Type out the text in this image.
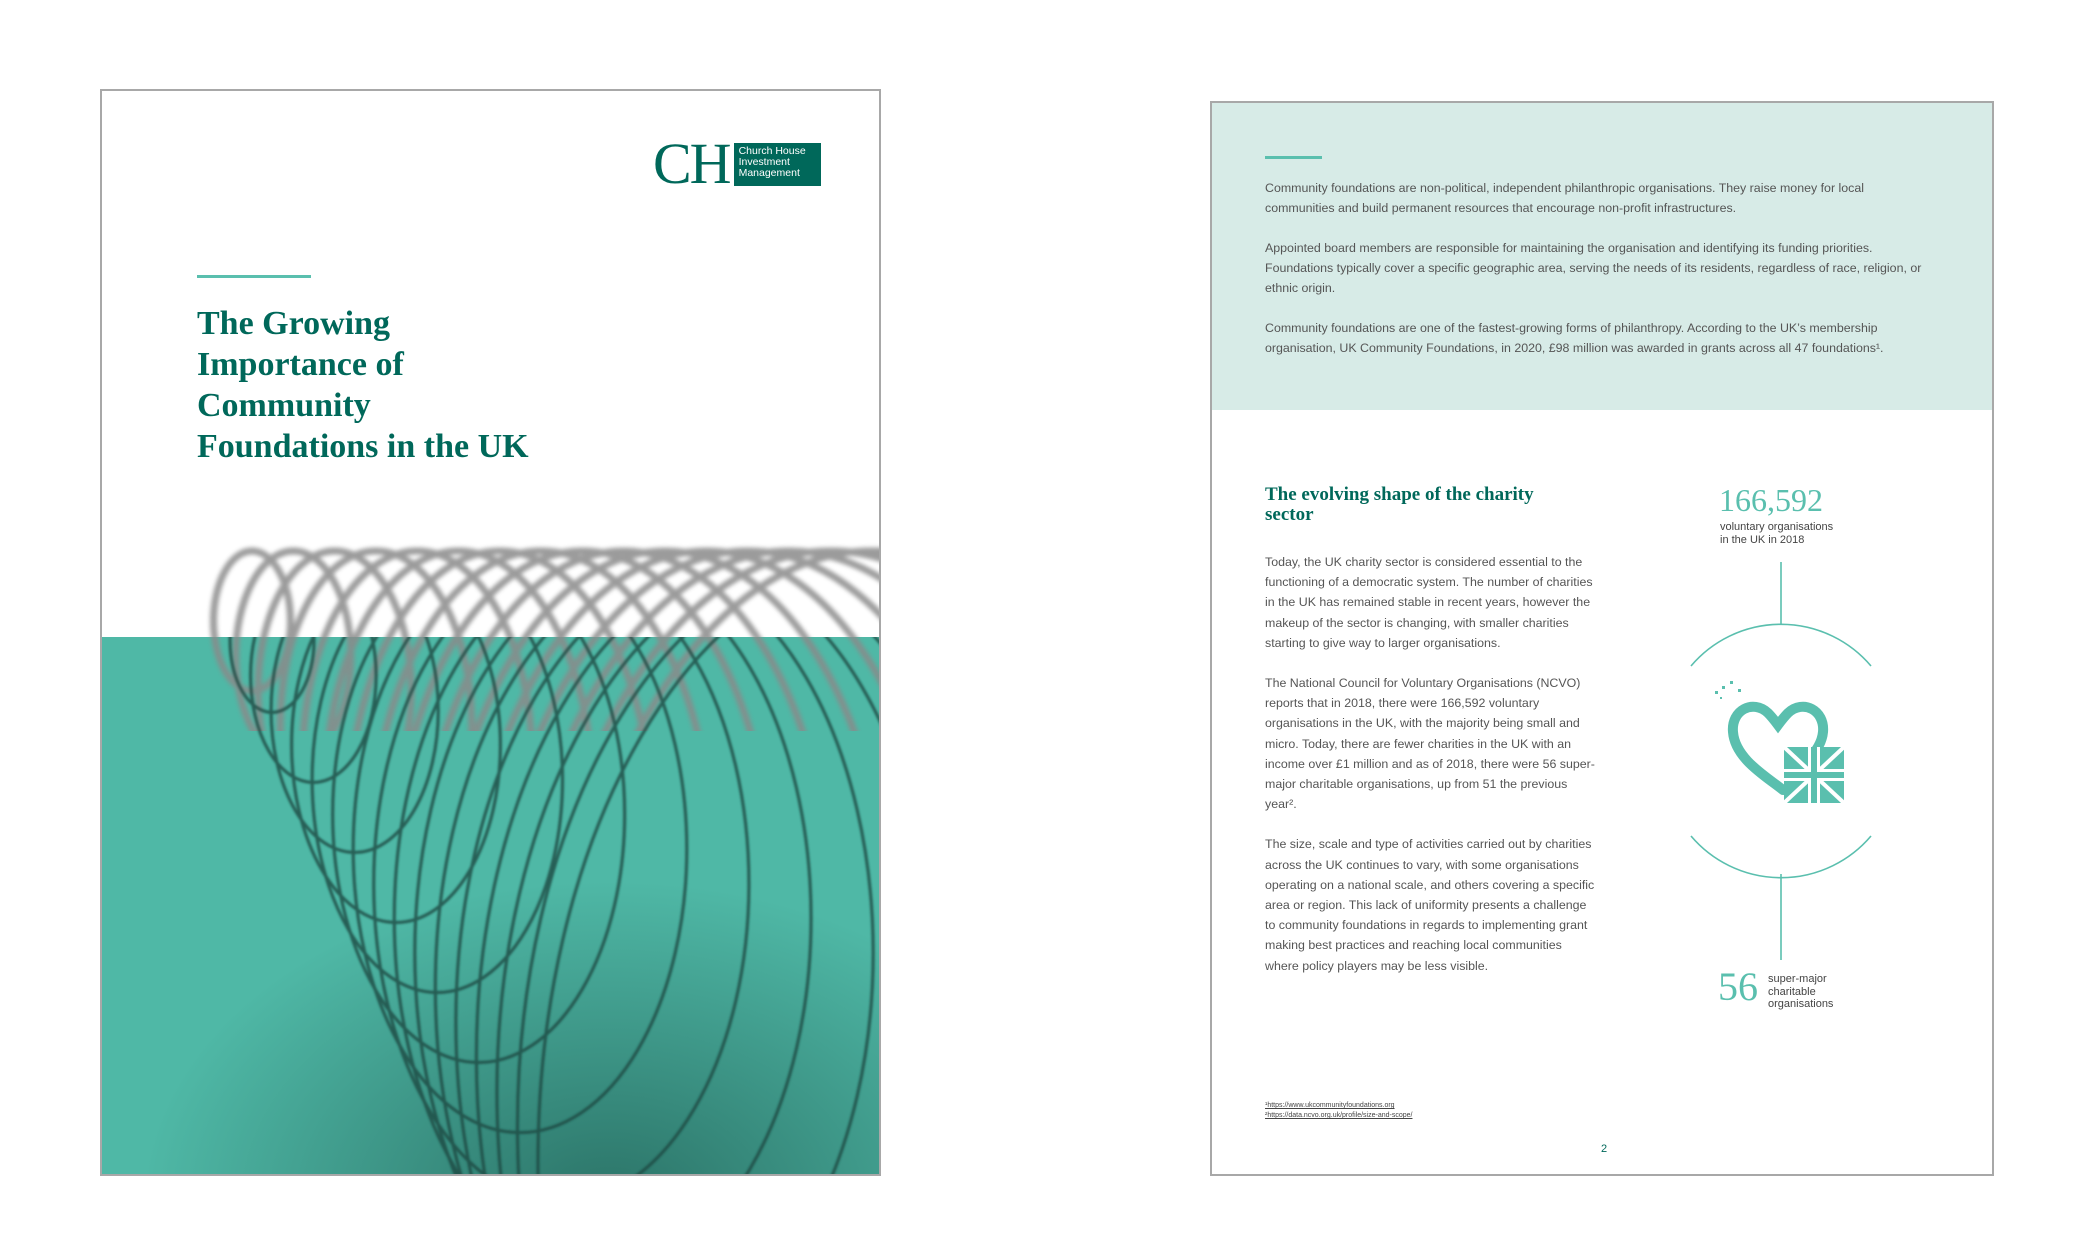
CH Church House
Investment
Management
The Growing
Importance of
Community
Foundations in the UK

Community foundations are non-political, independent philanthropic organisations. They raise money for local communities and build permanent resources that encourage non-profit infrastructures.

Appointed board members are responsible for maintaining the organisation and identifying its funding priorities. Foundations typically cover a specific geographic area, serving the needs of its residents, regardless of race, religion, or ethnic origin.

Community foundations are one of the fastest-growing forms of philanthropy. According to the UK’s membership organisation, UK Community Foundations, in 2020, £98 million was awarded in grants across all 47 foundations¹.

The evolving shape of the charity sector

Today, the UK charity sector is considered essential to the functioning of a democratic system. The number of charities in the UK has remained stable in recent years, however the makeup of the sector is changing, with smaller charities starting to give way to larger organisations.

The National Council for Voluntary Organisations (NCVO) reports that in 2018, there were 166,592 voluntary organisations in the UK, with the majority being small and micro. Today, there are fewer charities in the UK with an income over £1 million and as of 2018, there were 56 super-major charitable organisations, up from 51 the previous year².

The size, scale and type of activities carried out by charities across the UK continues to vary, with some organisations operating on a national scale, and others covering a specific area or region. This lack of uniformity presents a challenge to community foundations in regards to implementing grant making best practices and reaching local communities where policy players may be less visible.

166,592
voluntary organisations in the UK in 2018
56 super-major charitable organisations
¹https://www.ukcommunityfoundations.org
²https://data.ncvo.org.uk/profile/size-and-scope/
2
